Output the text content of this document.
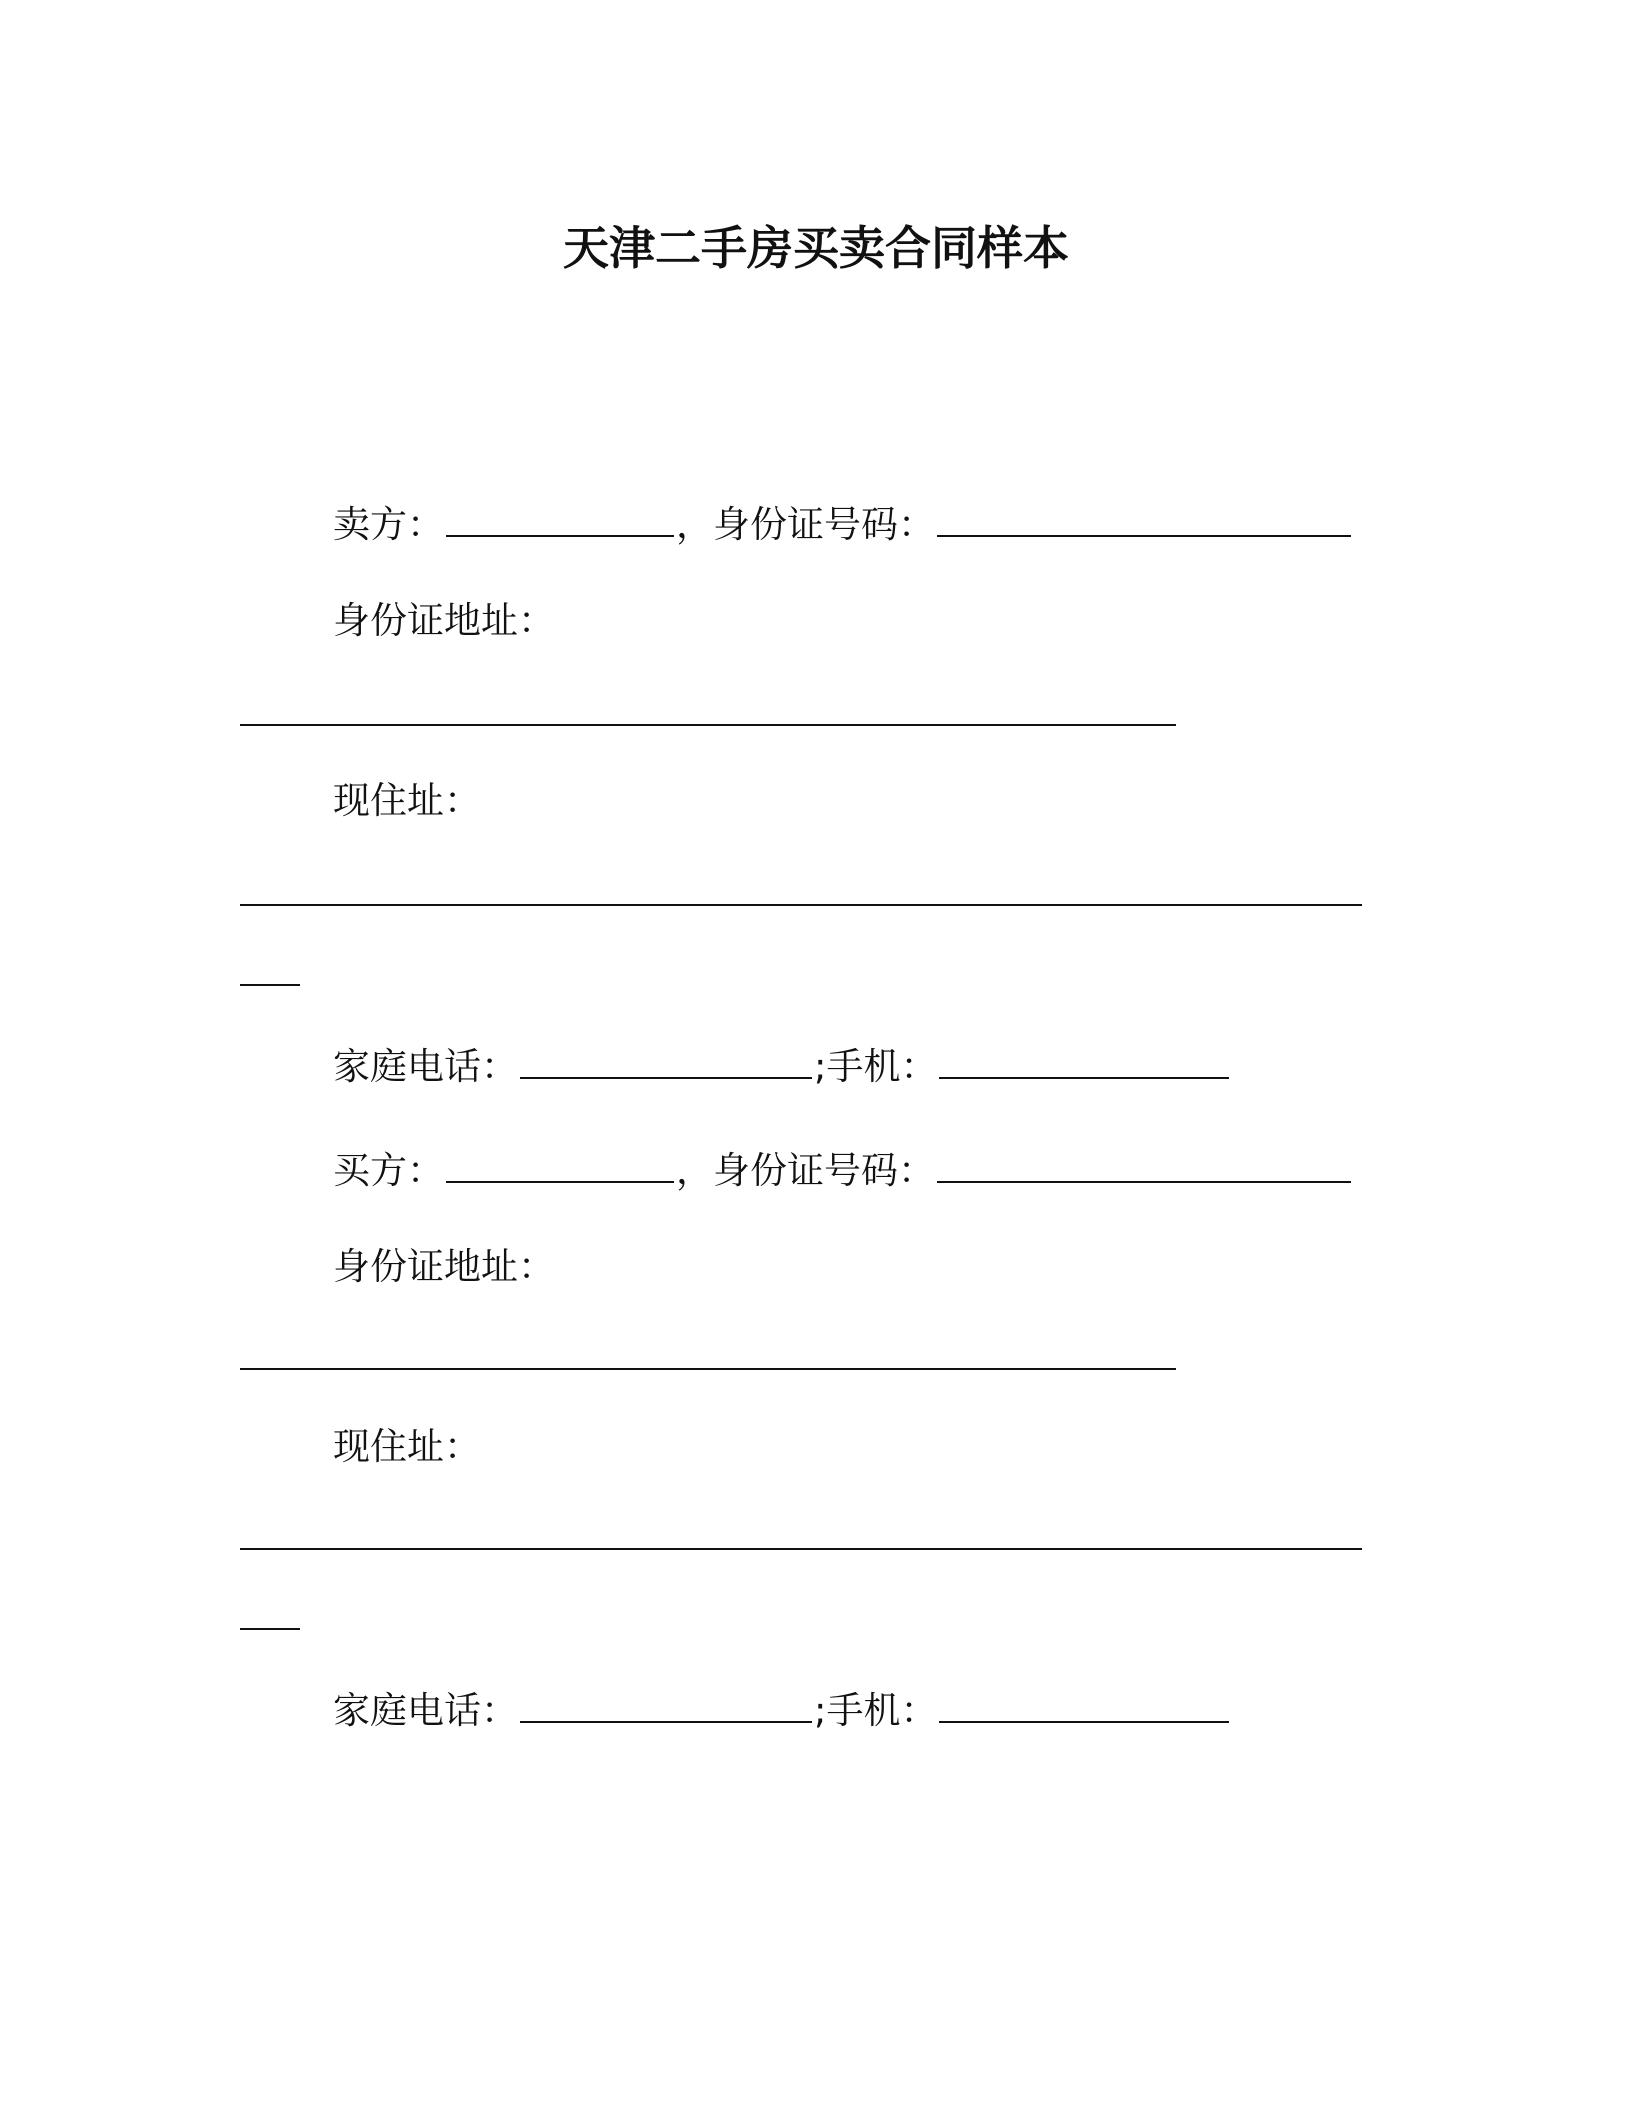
天津二手房买卖合同样本
卖方：	，身份证号码：
身份证地址：
现住址：
家庭电话：	;手机：
买方：	，身份证号码：
身份证地址：
现住址：
家庭电话：	;手机：
